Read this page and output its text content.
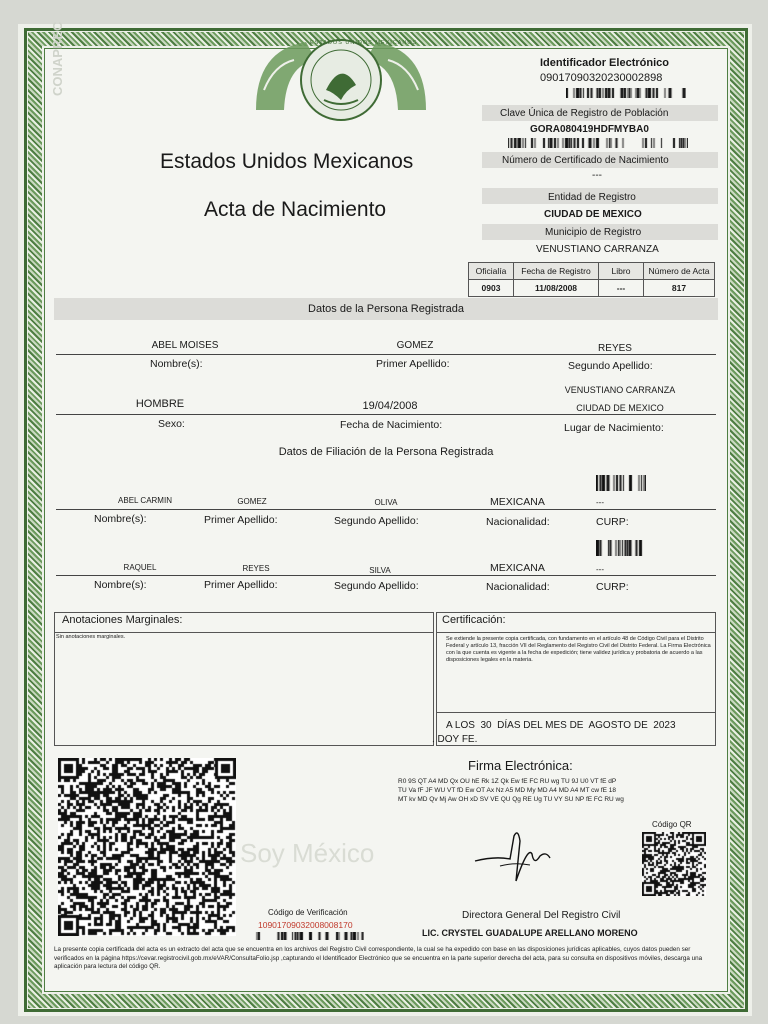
CONAPREC	ESTADOS UNIDOS MEXICANOS
Estados Unidos Mexicanos
Acta de Nacimiento
Identificador Electrónico
09017090320230002898
Clave Única de Registro de Población
GORA080419HDFMYBA0
Número de Certificado de Nacimiento
---
Entidad de Registro
CIUDAD DE MEXICO
Municipio de Registro
VENUSTIANO CARRANZA
Oficialía	Fecha de Registro	Libro	Número de Acta
0903	11/08/2008	---	817
Datos de la Persona Registrada
ABEL MOISES	GOMEZ	REYES
Nombre(s):	Primer Apellido:	Segundo Apellido:
VENUSTIANO CARRANZA
HOMBRE	19/04/2008	CIUDAD DE MEXICO
Sexo:	Fecha de Nacimiento:	Lugar de Nacimiento:
Datos de Filiación de la Persona Registrada
ABEL CARMIN	GOMEZ	OLIVA	MEXICANA	---
Nombre(s):	Primer Apellido:	Segundo Apellido:	Nacionalidad:	CURP:
RAQUEL	REYES	SILVA	MEXICANA	---
Nombre(s):	Primer Apellido:	Segundo Apellido:	Nacionalidad:	CURP:
Anotaciones Marginales:
Sin anotaciones marginales.
Certificación:
Se extiende la presente copia certificada, con fundamento en el artículo 48 de Código Civil para el Distrito Federal y artículo 13, fracción VII del Reglamento del Registro Civil del Distrito Federal. La Firma Electrónica con la que cuenta es vigente a la fecha de expedición; tiene validez jurídica y probatoria de acuerdo a las disposiciones legales en la materia.
A LOS  30  DÍAS DEL MES DE  AGOSTO DE  2023
. DOY FE.
Firma Electrónica:
R0 9S QT A4 MD Qx OU hE Rk 1Z Qk Ew fE FC RU wg TU 9J U0 VT fE dP
TU Va fF JF WU VT fD Ew OT Ax Nz A5 MD My MD A4 MD A4 MT cw fE 18
MT kv MD Qv Mj Aw OH xD SV VE QU Qg RE Ug TU VY SU NP fE FC RU wg
Soy México
Código QR
Directora General Del Registro Civil
LIC. CRYSTEL GUADALUPE ARELLANO MORENO
Código de Verificación
10901709032008008170
La presente copia certificada del acta es un extracto del acta que se encuentra en los archivos del Registro Civil correspondiente, la cual se ha expedido con base en las disposiciones jurídicas aplicables, cuyos datos pueden ser verificados en la página https://cevar.registrocivil.gob.mx/eVAR/ConsultaFolio.jsp ,capturando el Identificador Electrónico que se encuentra en la parte superior derecha del acta, para su consulta en dispositivos móviles, descarga una aplicación para lectura del código QR.
